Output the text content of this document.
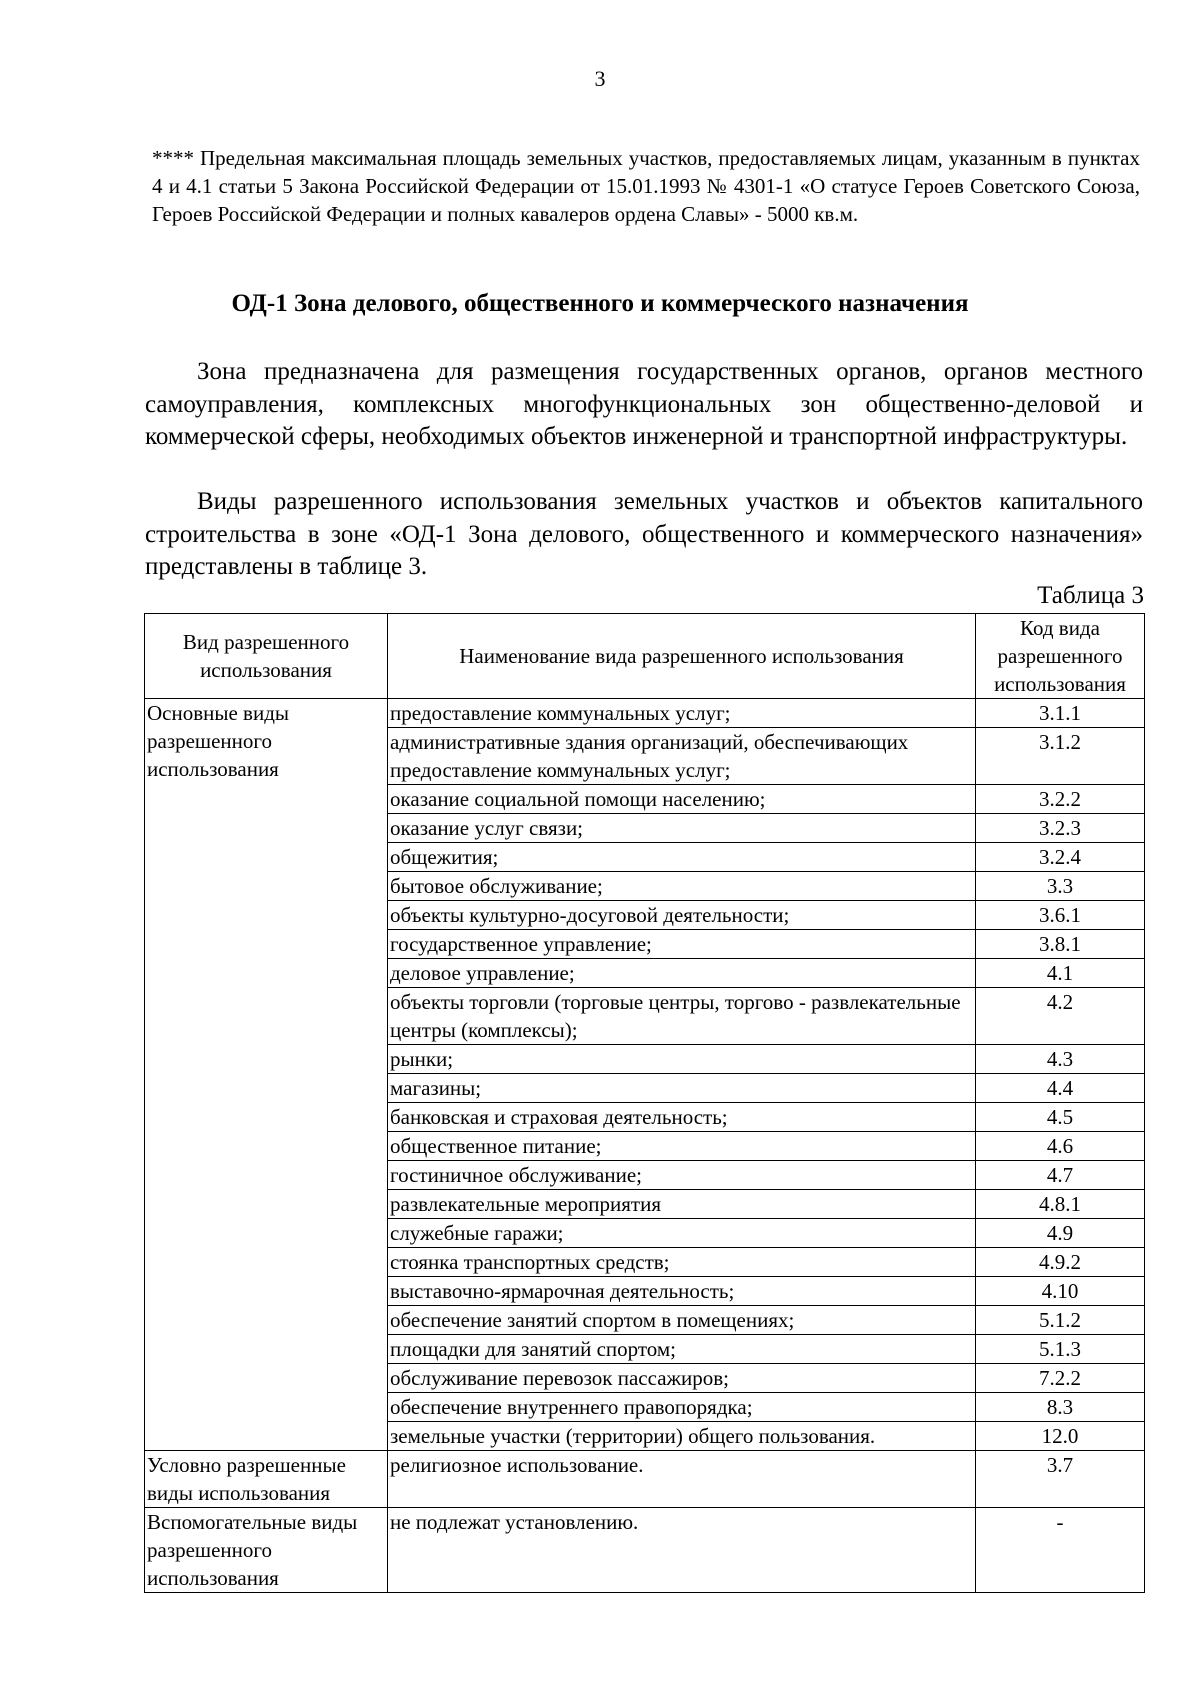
3
**** Предельная максимальная площадь земельных участков, предоставляемых лицам, указанным в пунктах 4 и 4.1 статьи 5 Закона Российской Федерации от 15.01.1993 № 4301-1 «О статусе Героев Советского Союза, Героев Российской Федерации и полных кавалеров ордена Славы» - 5000 кв.м.
ОД-1 Зона делового, общественного и коммерческого назначения
Зона предназначена для размещения государственных органов, органов местного самоуправления, комплексных многофункциональных зон общественно-деловой и коммерческой сферы, необходимых объектов инженерной и транспортной инфраструктуры.
Виды разрешенного использования земельных участков и объектов капитального строительства в зоне «ОД-1 Зона делового, общественного и коммерческого назначения» представлены в таблице 3.
Таблица 3
Вид разрешенного использования	Наименование вида разрешенного использования	Код вида разрешенного использования
Основные виды разрешенного использования	предоставление коммунальных услуг;	3.1.1
	административные здания организаций, обеспечивающих предоставление коммунальных услуг;	3.1.2
	оказание социальной помощи населению;	3.2.2
	оказание услуг связи;	3.2.3
	общежития;	3.2.4
	бытовое обслуживание;	3.3
	объекты культурно-досуговой деятельности;	3.6.1
	государственное управление;	3.8.1
	деловое управление;	4.1
	объекты торговли (торговые центры, торгово - развлекательные центры (комплексы);	4.2
	рынки;	4.3
	магазины;	4.4
	банковская и страховая деятельность;	4.5
	общественное питание;	4.6
	гостиничное обслуживание;	4.7
	развлекательные мероприятия	4.8.1
	служебные гаражи;	4.9
	стоянка транспортных средств;	4.9.2
	выставочно-ярмарочная деятельность;	4.10
	обеспечение занятий спортом в помещениях;	5.1.2
	площадки для занятий спортом;	5.1.3
	обслуживание перевозок пассажиров;	7.2.2
	обеспечение внутреннего правопорядка;	8.3
	земельные участки (территории) общего пользования.	12.0
Условно разрешенные виды использования	религиозное использование.	3.7
Вспомогательные виды разрешенного использования	не подлежат установлению.	-
